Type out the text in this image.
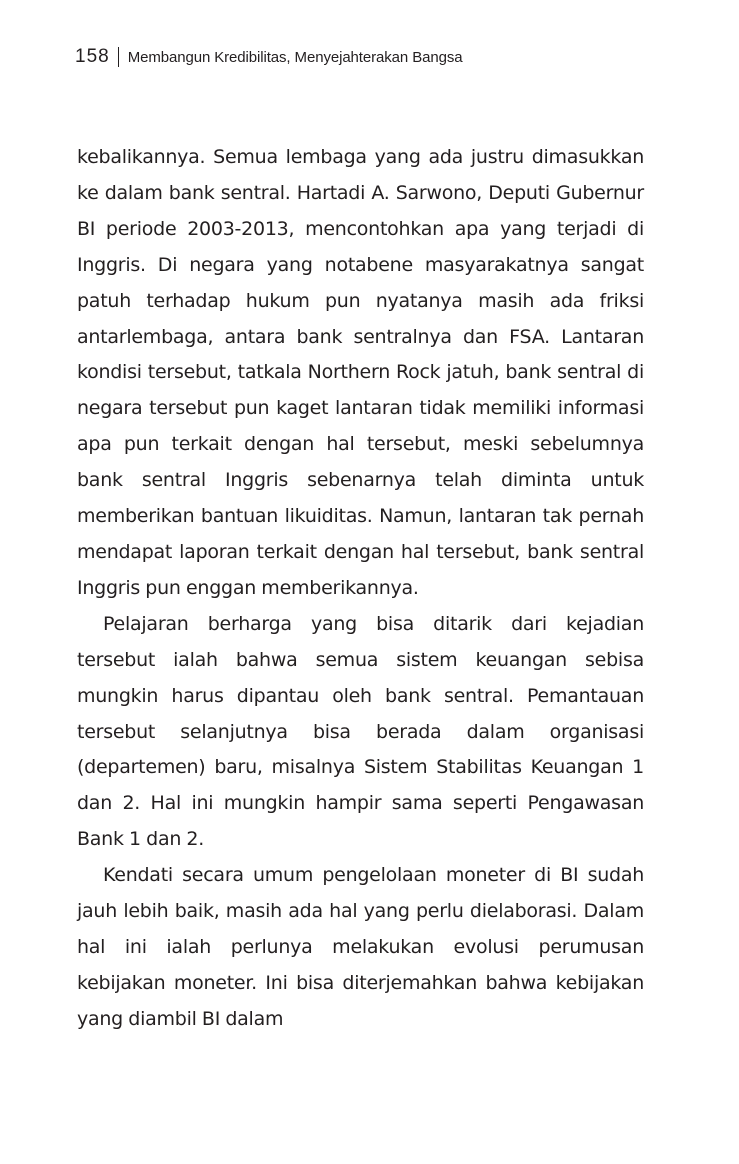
158 Membangun Kredibilitas, Menyejahterakan Bangsa

kebalikannya. Semua lembaga yang ada justru dimasukkan ke dalam bank sentral. Hartadi A. Sarwono, Deputi Gubernur BI periode 2003-2013, mencontohkan apa yang terjadi di Inggris. Di negara yang notabene masyarakatnya sangat patuh terhadap hukum pun nyatanya masih ada friksi antarlembaga, antara bank sentralnya dan FSA. Lantaran kondisi tersebut, tatkala Northern Rock jatuh, bank sentral di negara tersebut pun kaget lantaran tidak memiliki informasi apa pun terkait dengan hal tersebut, meski sebelumnya bank sentral Inggris sebenarnya telah diminta untuk memberikan bantuan likuiditas. Namun, lantaran tak pernah mendapat laporan terkait dengan hal tersebut, bank sentral Inggris pun enggan memberikannya.

Pelajaran berharga yang bisa ditarik dari kejadian tersebut ialah bahwa semua sistem keuangan sebisa mungkin harus dipantau oleh bank sentral. Pemantauan tersebut selanjutnya bisa berada dalam organisasi (departemen) baru, misalnya Sistem Stabilitas Keuangan 1 dan 2. Hal ini mungkin hampir sama seperti Pengawasan Bank 1 dan 2.

Kendati secara umum pengelolaan moneter di BI sudah jauh lebih baik, masih ada hal yang perlu dielaborasi. Dalam hal ini ialah perlunya melakukan evolusi perumusan kebijakan moneter. Ini bisa diterjemahkan bahwa kebijakan yang diambil BI dalam
